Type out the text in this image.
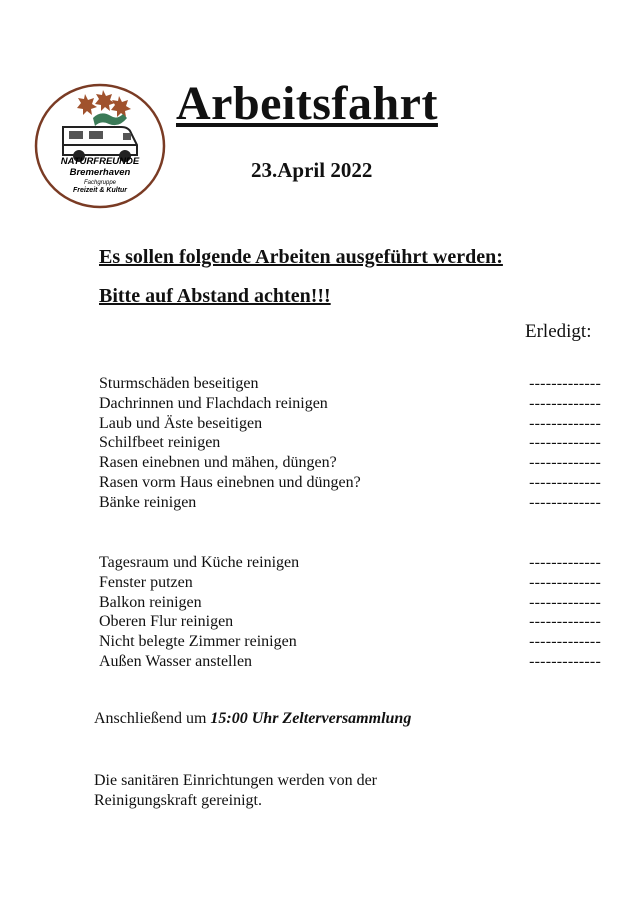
NATURFREUNDE
Bremerhaven
Fachgruppe
Freizeit & Kultur
Arbeitsfahrt
23.April 2022
Es sollen folgende Arbeiten ausgeführt werden:
Bitte auf Abstand achten!!!
Erledigt:
Sturmschäden beseitigen	-------------
Dachrinnen und Flachdach reinigen	-------------
Laub und Äste beseitigen	-------------
Schilfbeet reinigen	-------------
Rasen einebnen und mähen, düngen?	-------------
Rasen vorm Haus einebnen und düngen?	-------------
Bänke reinigen	-------------
Tagesraum und Küche reinigen	-------------
Fenster putzen	-------------
Balkon reinigen	-------------
Oberen Flur reinigen	-------------
Nicht belegte Zimmer reinigen	-------------
Außen Wasser anstellen	-------------
Anschließend um 15:00 Uhr Zelterversammlung

Die sanitären Einrichtungen werden von der

Reinigungskraft gereinigt.
